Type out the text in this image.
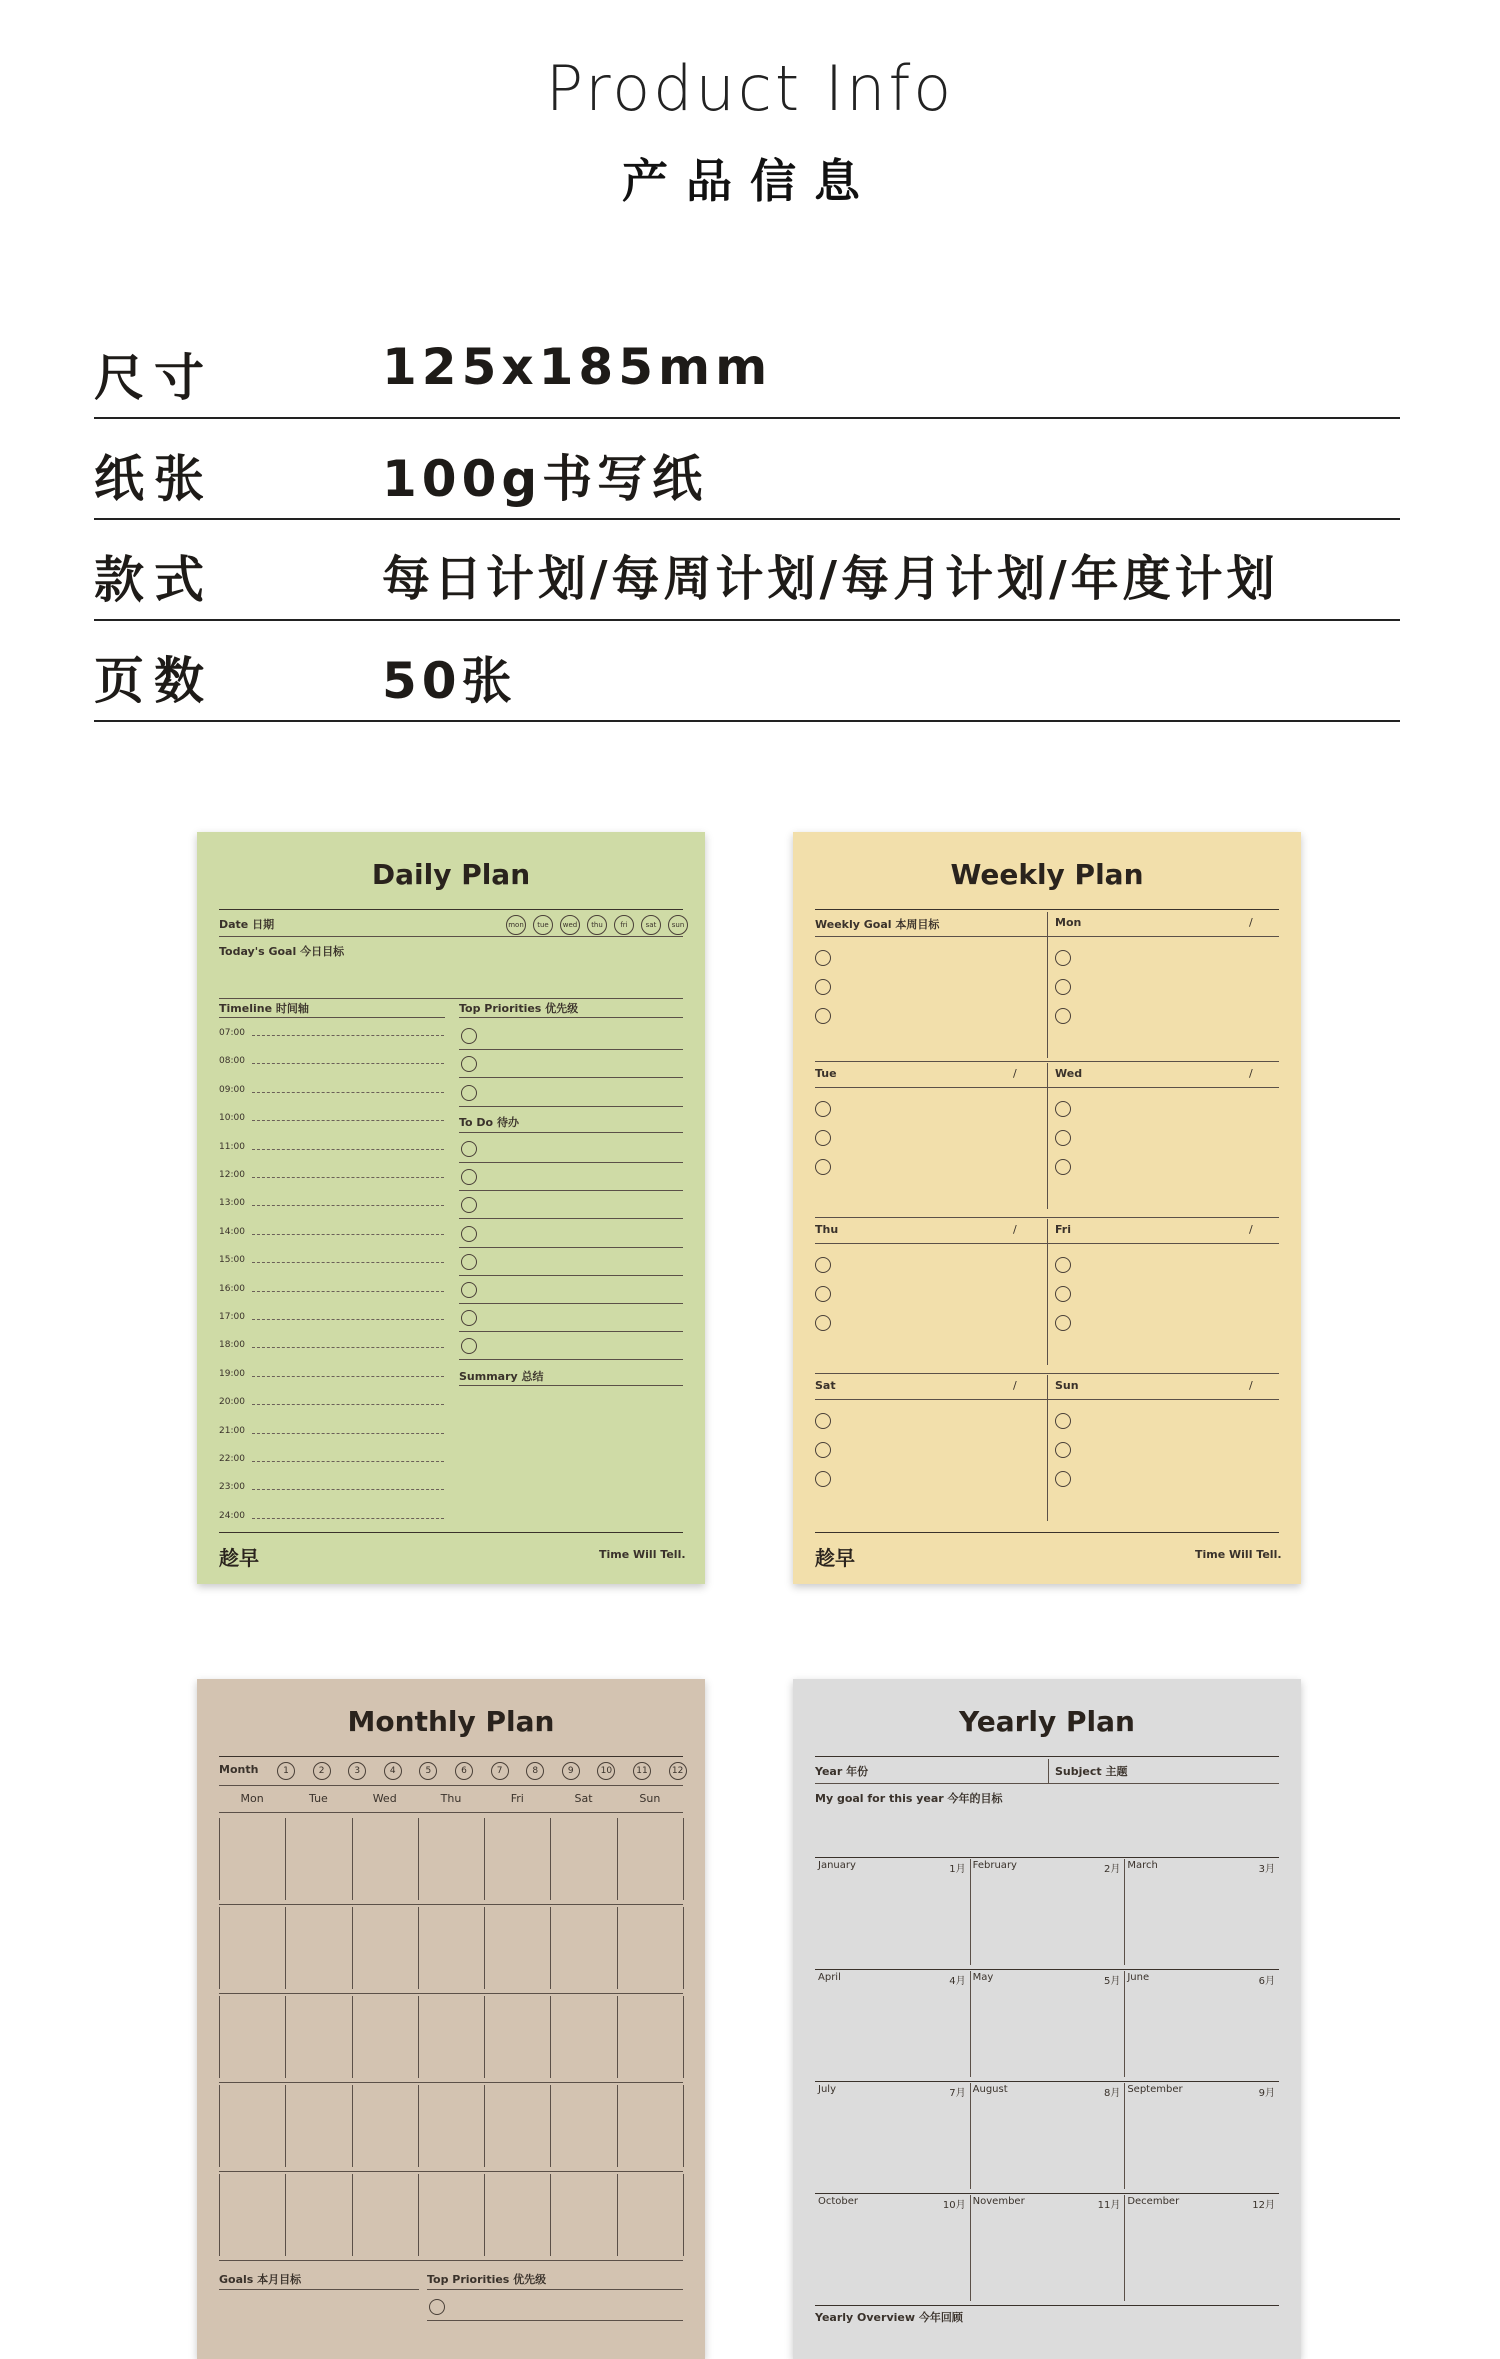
Product Info
产品信息
尺寸	125x185mm
纸张	100g书写纸
款式	每日计划/每周计划/每月计划/年度计划
页数	50张
Daily Plan
Date 日期	mon	tue	wed	thu	fri	sat	sun
Today's Goal 今日目标
Timeline 时间轴	Top Priorities 优先级
07:00
08:00
09:00
10:00
11:00
12:00
13:00
14:00
15:00
16:00
17:00
18:00
19:00
20:00
21:00
22:00
23:00
24:00
To Do 待办
Summary 总结
趁早	Time Will Tell.
Weekly Plan
Weekly Goal 本周目标	Mon	/
Tue	/	Wed	/
Thu	/	Fri	/
Sat	/	Sun	/
趁早	Time Will Tell.
Monthly Plan
Month	1	2	3	4	5	6	7	8	9	10	11	12
Mon	Tue	Wed	Thu	Fri	Sat	Sun
Goals 本月目标	Top Priorities 优先级
Yearly Plan
Year 年份	Subject 主题
My goal for this year 今年的目标
January	1月 February	2月 March	3月
April	4月 May	5月 June	6月
July	7月 August	8月 September	9月
October	10月 November	11月 December	12月
Yearly Overview 今年回顾
